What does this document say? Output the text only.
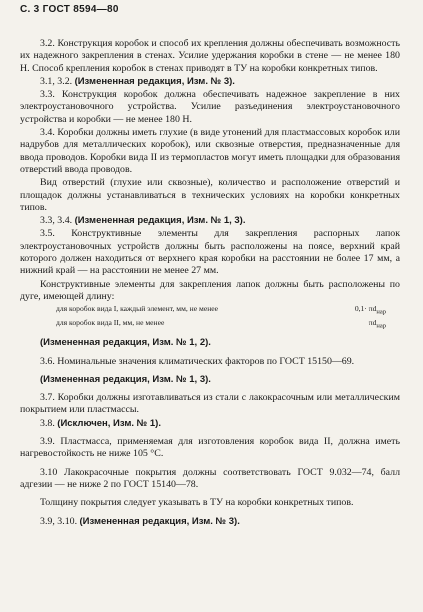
С. 3 ГОСТ 8594—80

3.2. Конструкция коробок и способ их крепления должны обеспечивать возможность их надежного закрепления в стенах. Усилие удержания коробки в стене — не менее 180 Н. Способ крепления коробок в стенах приводят в ТУ на коробки конкретных типов.

3.1, 3.2. (Измененная редакция, Изм. № 3).

3.3. Конструкция коробок должна обеспечивать надежное закрепление в них электроустановочного устройства. Усилие разъединения электроустановочного устройства и коробки — не менее 180 Н.

3.4. Коробки должны иметь глухие (в виде утонений для пластмассовых коробок или надрубов для металлических коробок), или сквозные отверстия, предназначенные для ввода проводов. Коробки вида II из термопластов могут иметь площадки для образования отверстий ввода проводов.

Вид отверстий (глухие или сквозные), количество и расположение отверстий и площадок должны устанавливаться в технических условиях на коробки конкретных типов.

3.3, 3.4. (Измененная редакция, Изм. № 1, 3).

3.5. Конструктивные элементы для закрепления распорных лапок электроустановочных устройств должны быть расположены на поясе, верхний край которого должен находиться от верхнего края коробки на расстоянии не более 17 мм, а нижний край — на расстоянии не менее 27 мм.

Конструктивные элементы для закрепления лапок должны быть расположены по дуге, имеющей длину:

для коробок вида I, каждый элемент, мм, не менее	$0,1\cdot \pi d_{нар}$
для коробок вида II, мм, не менее	$\pi d_{нар}$

(Измененная редакция, Изм. № 1, 2).

3.6. Номинальные значения климатических факторов по ГОСТ 15150—69.

(Измененная редакция, Изм. № 1, 3).

3.7. Коробки должны изготавливаться из стали с лакокрасочным или металлическим покрытием или пластмассы.

3.8. (Исключен, Изм. № 1).

3.9. Пластмасса, применяемая для изготовления коробок вида II, должна иметь нагревостойкость не ниже 105 °С.

3.10 Лакокрасочные покрытия должны соответствовать ГОСТ 9.032—74, балл адгезии — не ниже 2 по ГОСТ 15140—78.

Толщину покрытия следует указывать в ТУ на коробки конкретных типов.

3.9, 3.10. (Измененная редакция, Изм. № 3).
